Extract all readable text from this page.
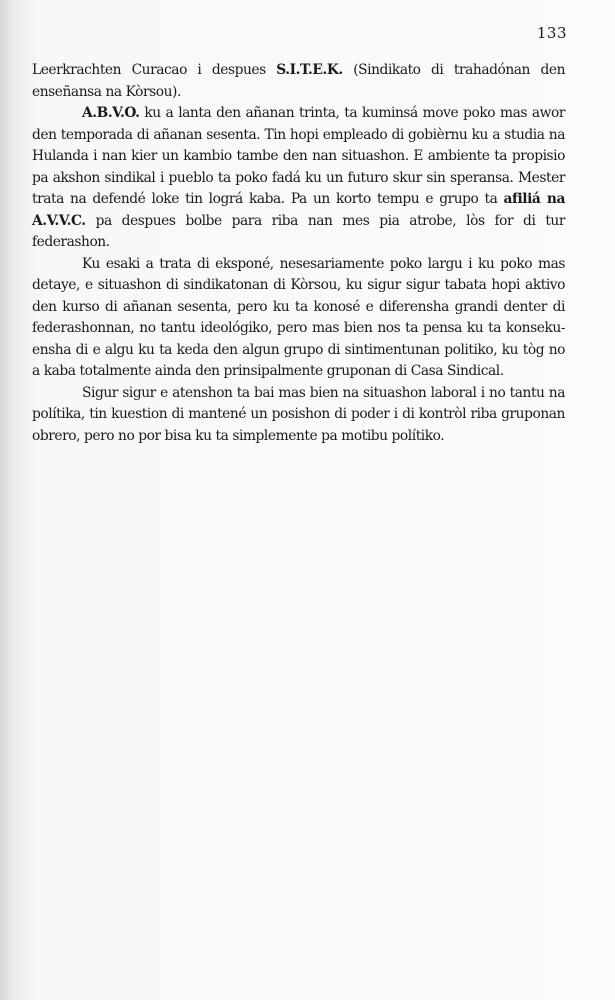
133

Leerkrachten Curacao i despues S.I.T.E.K. (Sindikato di trahadónan den enseñansa na Kòrsou).

A.B.V.O. ku a lanta den añanan trinta, ta kuminsá move poko mas awor den temporada di añanan sesenta. Tin hopi empleado di gobièrnu ku a studia na Hulanda i nan kier un kambio tambe den nan situashon. E ambiente ta propisio pa akshon sindikal i pueblo ta poko fadá ku un futuro skur sin speransa. Mester trata na defendé loke tin lográ kaba. Pa un korto tempu e grupo ta afiliá na A.V.V.C. pa despues bolbe para riba nan mes pia atrobe, lòs for di tur federashon.

Ku esaki a trata di eksponé, nesesariamente poko largu i ku poko mas detaye, e situashon di sindikatonan di Kòrsou, ku sigur sigur tabata hopi aktivo den kurso di añanan sesenta, pero ku ta konosé e diferensha grandi denter di federashonnan, no tantu ideológiko, pero mas bien nos ta pensa ku ta konseku-ensha di e algu ku ta keda den algun grupo di sintimentunan politiko, ku tòg no a kaba totalmente ainda den prinsipalmente gruponan di Casa Sindical.

Sigur sigur e atenshon ta bai mas bien na situashon laboral i no tantu na polítika, tin kuestion di mantené un posishon di poder i di kontròl riba gruponan obrero, pero no por bisa ku ta simplemente pa motibu polítiko.
